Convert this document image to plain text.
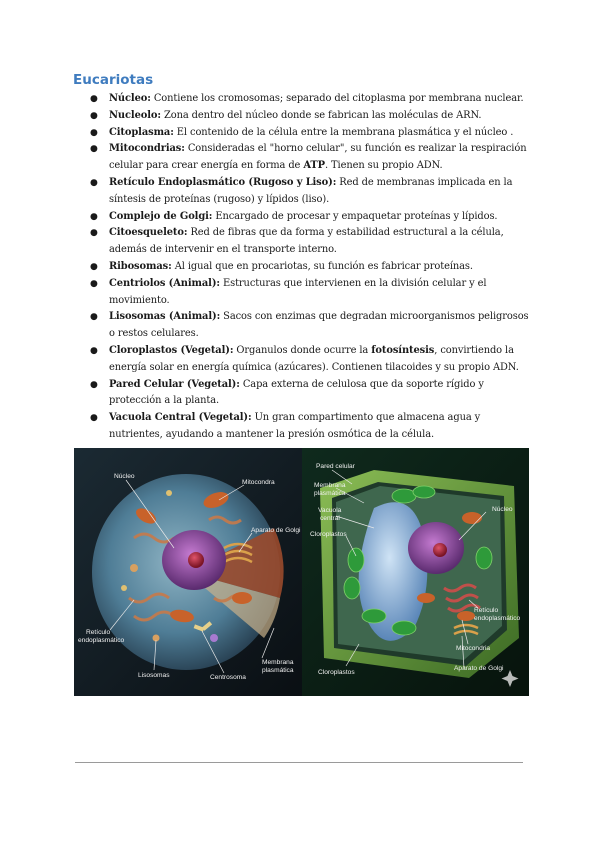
Eucariotas
● Núcleo: Contiene los cromosomas; separado del citoplasma por membrana nuclear.
● Nucleolo: Zona dentro del núcleo donde se fabrican las moléculas de ARN.
● Citoplasma: El contenido de la célula entre la membrana plasmática y el núcleo .
● Mitocondrias: Consideradas el "horno celular", su función es realizar la respiración celular para crear energía en forma de ATP. Tienen su propio ADN.
● Retículo Endoplasmático (Rugoso y Liso): Red de membranas implicada en la síntesis de proteínas (rugoso) y lípidos (liso).
● Complejo de Golgi: Encargado de procesar y empaquetar proteínas y lípidos.
● Citoesqueleto: Red de fibras que da forma y estabilidad estructural a la célula, además de intervenir en el transporte interno.
● Ribosomas: Al igual que en procariotas, su función es fabricar proteínas.
● Centriolos (Animal): Estructuras que intervienen en la división celular y el movimiento.
● Lisosomas (Animal): Sacos con enzimas que degradan microorganismos peligrosos o restos celulares.
● Cloroplastos (Vegetal): Organulos donde ocurre la fotosíntesis, convirtiendo la energía solar en energía química (azúcares). Contienen tilacoides y su propio ADN.
● Pared Celular (Vegetal): Capa externa de celulosa que da soporte rígido y protección a la planta.
● Vacuola Central (Vegetal): Un gran compartimento que almacena agua y nutrientes, ayudando a mantener la presión osmótica de la célula.
Núcleo
Mitocondra
Aparato de Golgi
Retículo
endoplasmático
Lisosomas	Centrosoma
Membrana
plasmática
Pared celular
Membrana
plasmática
Vacuola
central
Cloroplastos
Núcleo
Retículo
endoplasmático
Mitocondria
Aparato de Golgi
Cloroplastos
